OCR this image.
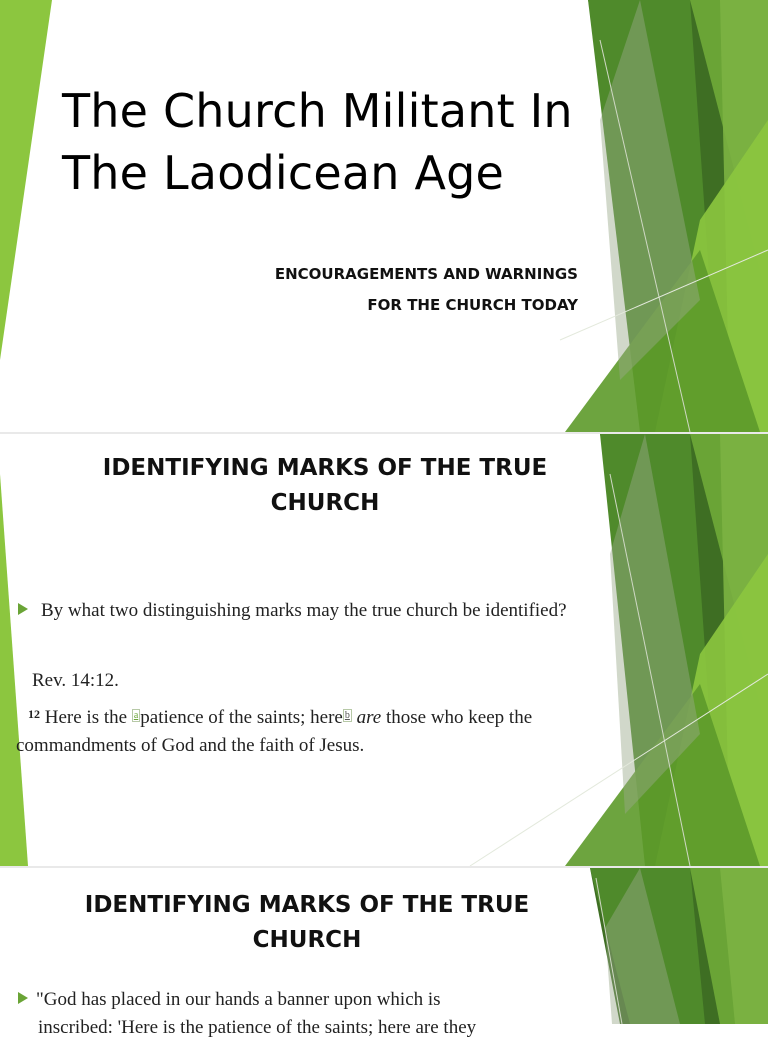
The Church Militant In
The Laodicean Age
ENCOURAGEMENTS AND WARNINGS
FOR THE CHURCH TODAY
IDENTIFYING MARKS OF THE TRUE
CHURCH
By what two distinguishing marks may the true church be identified?
Rev. 14:12.
$^{12}$ Here is the $^a$ patience of the saints; here $^b$ are those who keep the
commandments of God and the faith of Jesus.
IDENTIFYING MARKS OF THE TRUE
CHURCH
"God has placed in our hands a banner upon which is
inscribed: 'Here is the patience of the saints; here are they
